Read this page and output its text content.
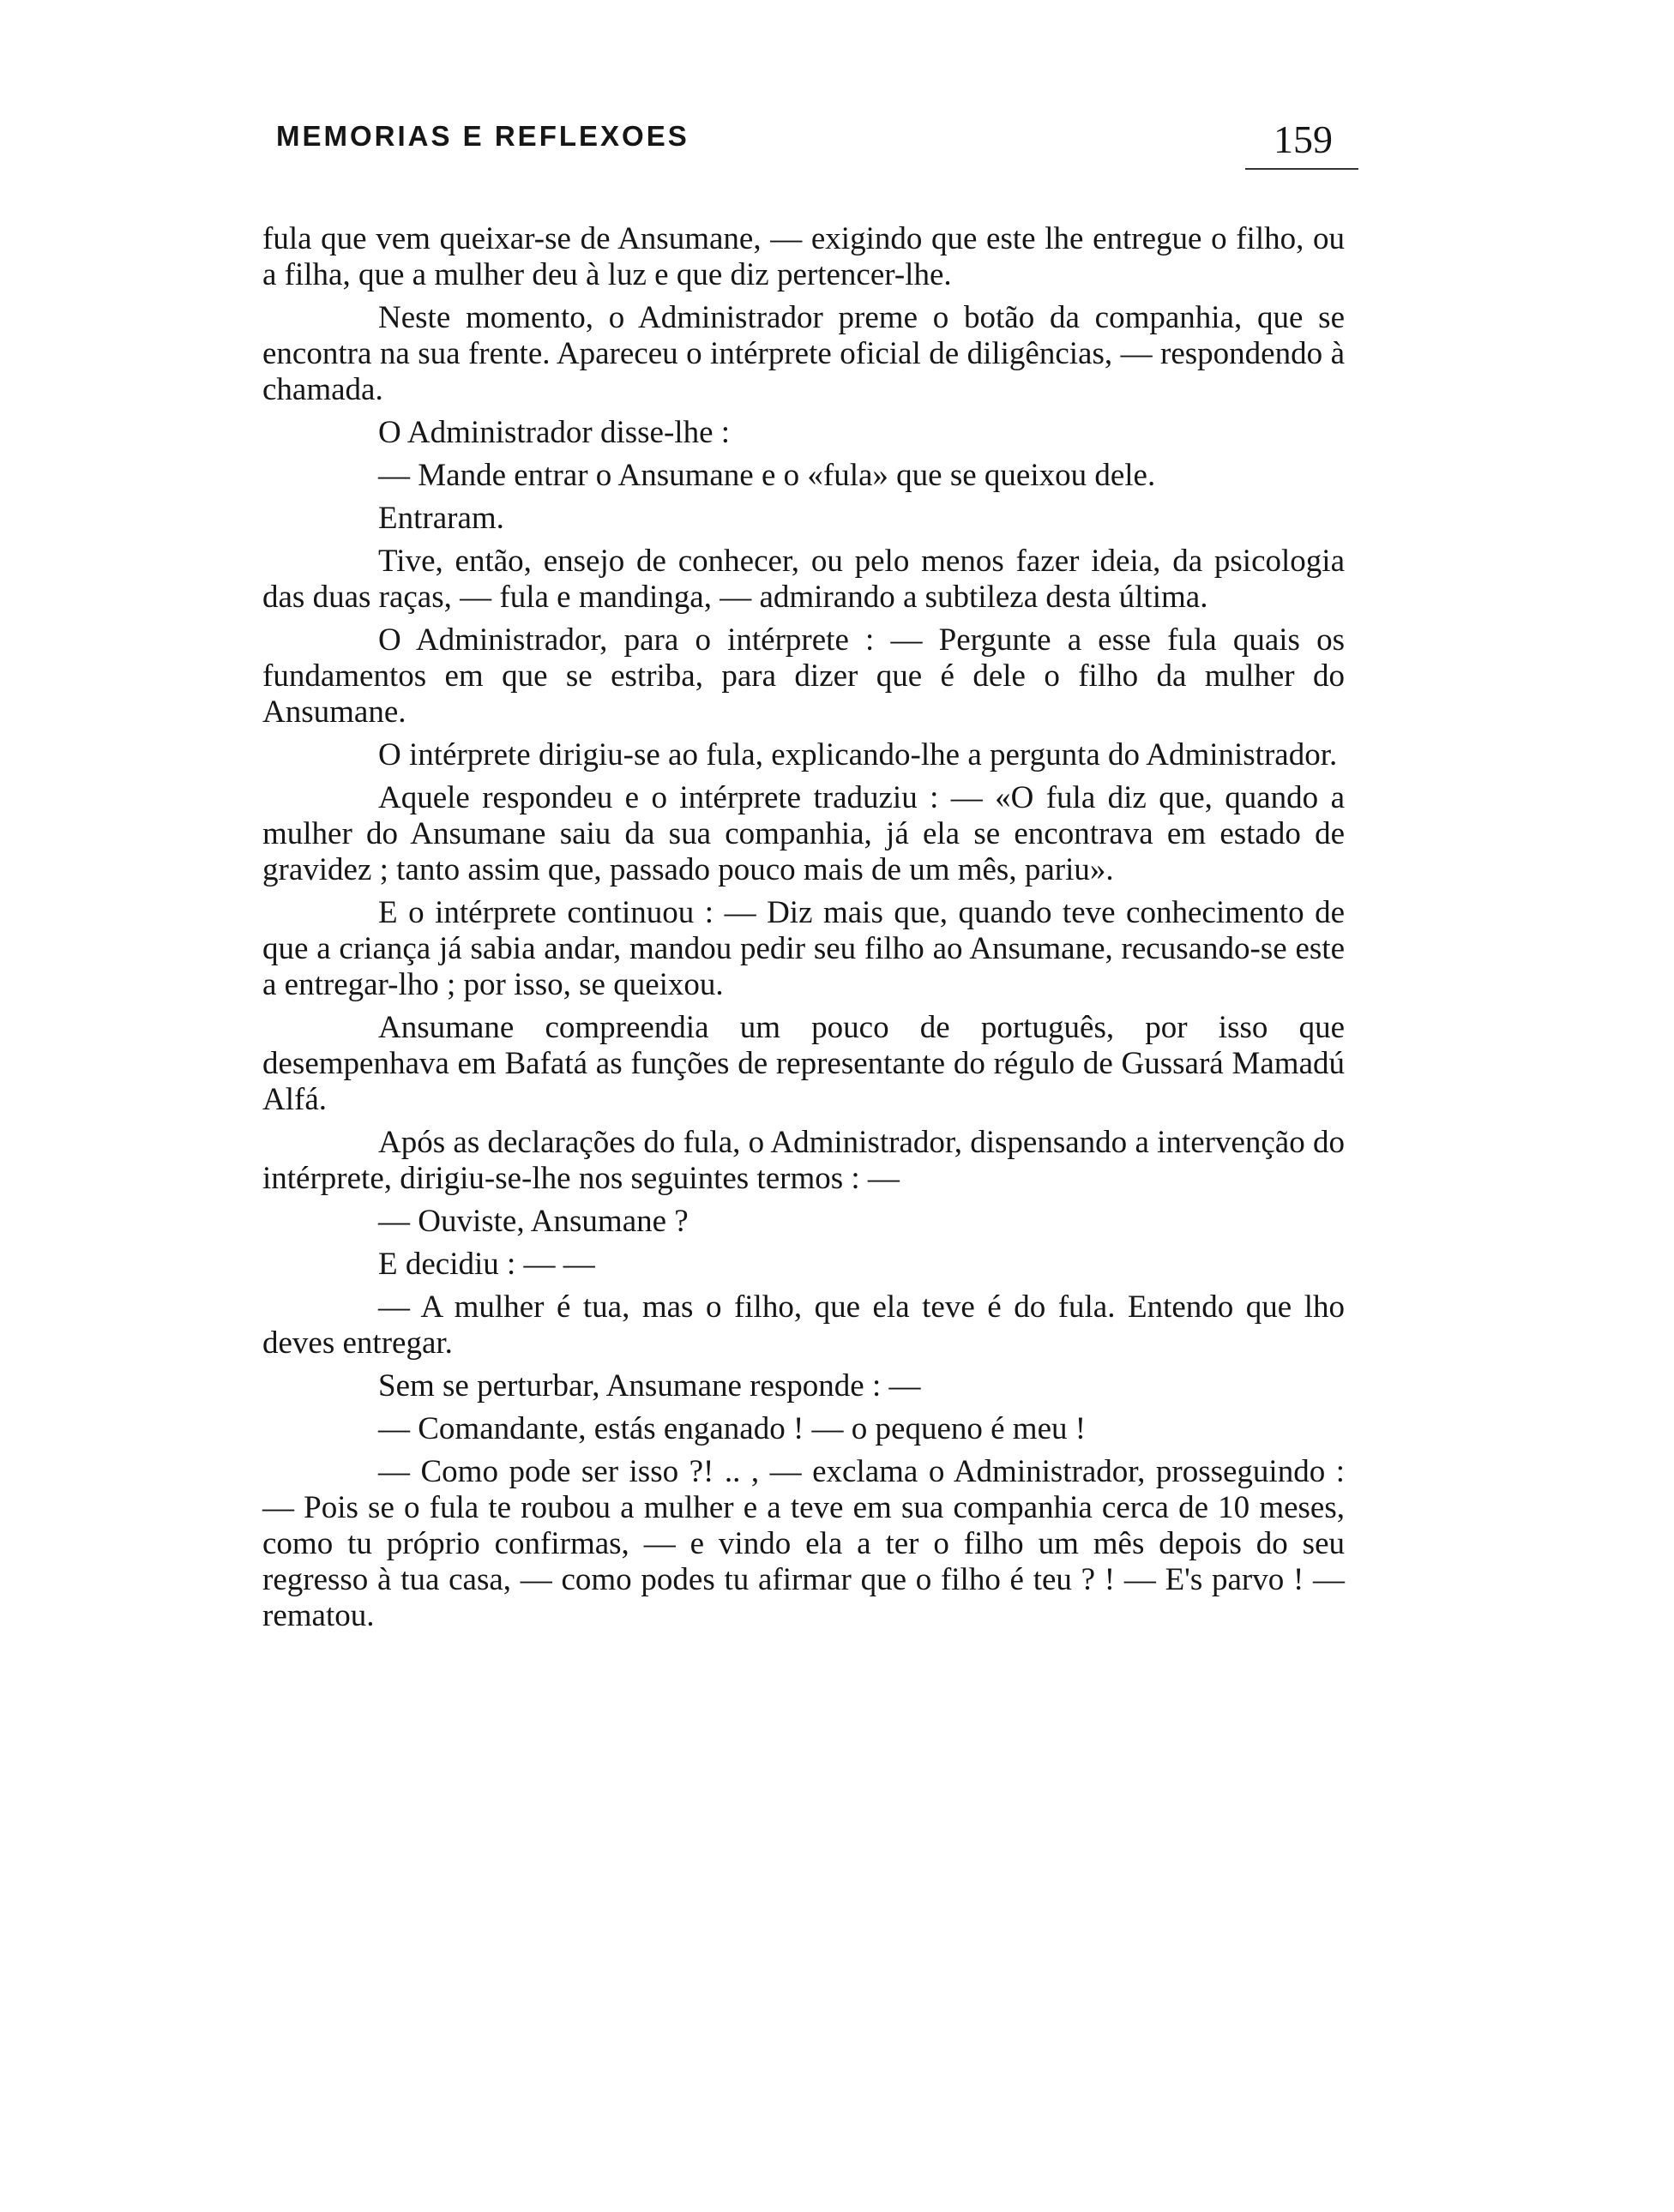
MEMORIAS E REFLEXOES	159

fula que vem queixar-se de Ansumane, — exigindo que este lhe entregue o filho, ou a filha, que a mulher deu à luz e que diz pertencer-lhe.

Neste momento, o Administrador preme o botão da companhia, que se encontra na sua frente. Apareceu o intérprete oficial de diligências, — respondendo à chamada.

O Administrador disse-lhe :

— Mande entrar o Ansumane e o «fula» que se queixou dele.

Entraram.

Tive, então, ensejo de conhecer, ou pelo menos fazer ideia, da psicologia das duas raças, — fula e mandinga, — admirando a subtileza desta última.

O Administrador, para o intérprete : — Pergunte a esse fula quais os fundamentos em que se estriba, para dizer que é dele o filho da mulher do Ansumane.

O intérprete dirigiu-se ao fula, explicando-lhe a pergunta do Administrador.

Aquele respondeu e o intérprete traduziu : — «O fula diz que, quando a mulher do Ansumane saiu da sua companhia, já ela se encontrava em estado de gravidez ; tanto assim que, passado pouco mais de um mês, pariu».

E o intérprete continuou : — Diz mais que, quando teve conhecimento de que a criança já sabia andar, mandou pedir seu filho ao Ansumane, recusando-se este a entregar-lho ; por isso, se queixou.

Ansumane compreendia um pouco de português, por isso que desempenhava em Bafatá as funções de representante do régulo de Gussará Mamadú Alfá.

Após as declarações do fula, o Administrador, dispensando a intervenção do intérprete, dirigiu-se-lhe nos seguintes termos : —

— Ouviste, Ansumane ?

E decidiu : — —

— A mulher é tua, mas o filho, que ela teve é do fula. Entendo que lho deves entregar.

Sem se perturbar, Ansumane responde : —

— Comandante, estás enganado ! — o pequeno é meu !

— Como pode ser isso ?! .. , — exclama o Administrador, prosseguindo : — Pois se o fula te roubou a mulher e a teve em sua companhia cerca de 10 meses, como tu próprio confirmas, — e vindo ela a ter o filho um mês depois do seu regresso à tua casa, — como podes tu afirmar que o filho é teu ? ! — E's parvo ! — rematou.
